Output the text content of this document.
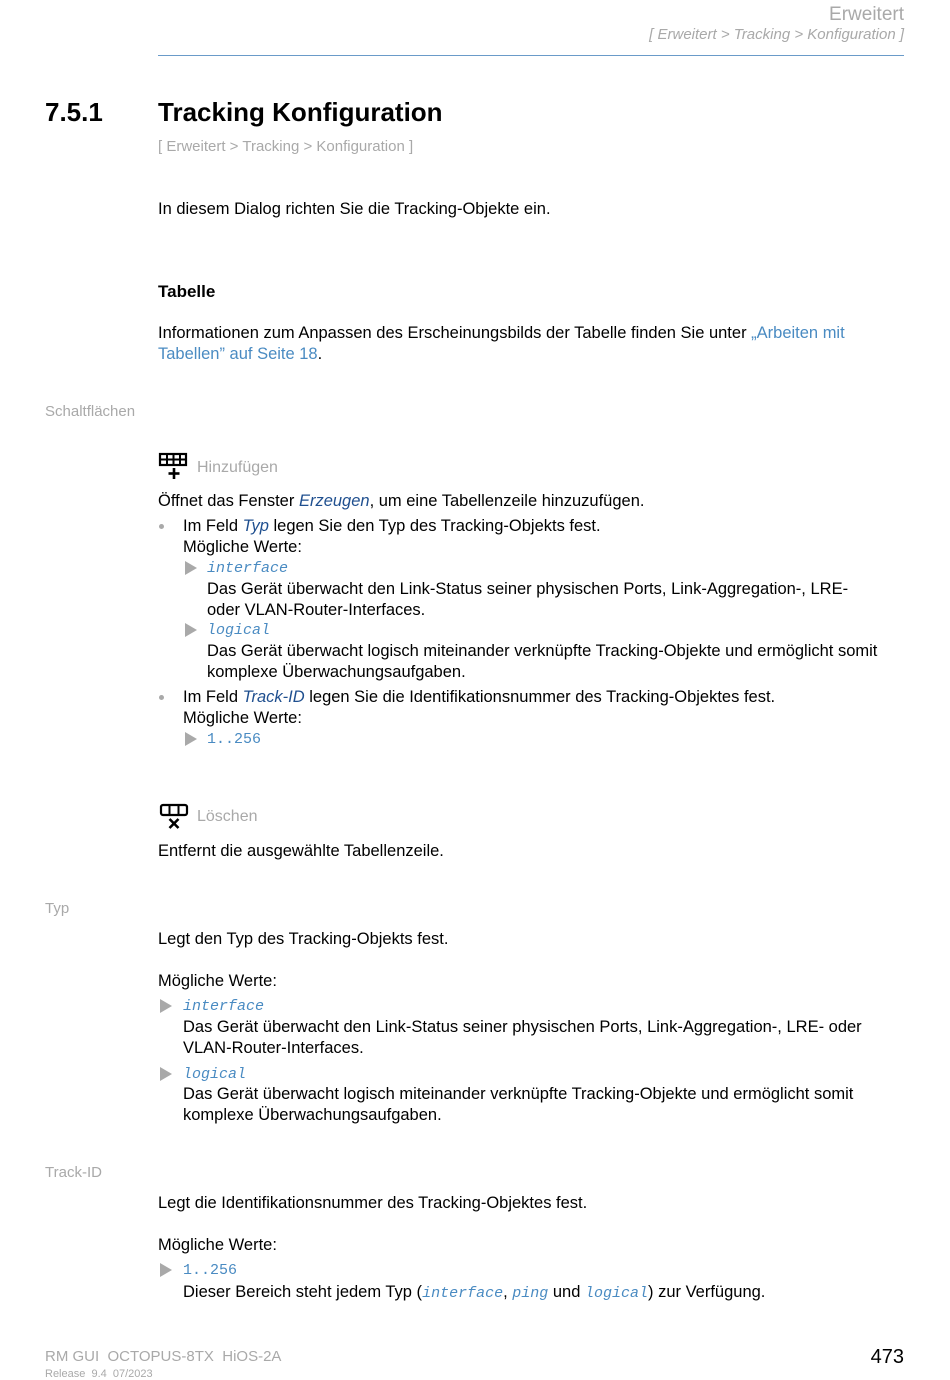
Erweitert
[ Erweitert > Tracking > Konfiguration ]
7.5.1 Tracking Konfiguration
[ Erweitert > Tracking > Konfiguration ]
In diesem Dialog richten Sie die Tracking-Objekte ein.
Tabelle
Informationen zum Anpassen des Erscheinungsbilds der Tabelle finden Sie unter „Arbeiten mit
Tabellen” auf Seite 18.
Schaltflächen
Hinzufügen
Öffnet das Fenster Erzeugen, um eine Tabellenzeile hinzuzufügen.
Im Feld Typ legen Sie den Typ des Tracking-Objekts fest.
Mögliche Werte:
interface
Das Gerät überwacht den Link-Status seiner physischen Ports, Link-Aggregation-, LRE-
oder VLAN-Router-Interfaces.
logical
Das Gerät überwacht logisch miteinander verknüpfte Tracking-Objekte und ermöglicht somit
komplexe Überwachungsaufgaben.
Im Feld Track-ID legen Sie die Identifikationsnummer des Tracking-Objektes fest.
Mögliche Werte:
1..256
Löschen
Entfernt die ausgewählte Tabellenzeile.
Typ
Legt den Typ des Tracking-Objekts fest.
Mögliche Werte:
interface
Das Gerät überwacht den Link-Status seiner physischen Ports, Link-Aggregation-, LRE- oder
VLAN-Router-Interfaces.
logical
Das Gerät überwacht logisch miteinander verknüpfte Tracking-Objekte und ermöglicht somit
komplexe Überwachungsaufgaben.
Track-ID
Legt die Identifikationsnummer des Tracking-Objektes fest.
Mögliche Werte:
1..256
Dieser Bereich steht jedem Typ (interface, ping und logical) zur Verfügung.
RM GUI  OCTOPUS-8TX  HiOS-2A
Release  9.4  07/2023
473
